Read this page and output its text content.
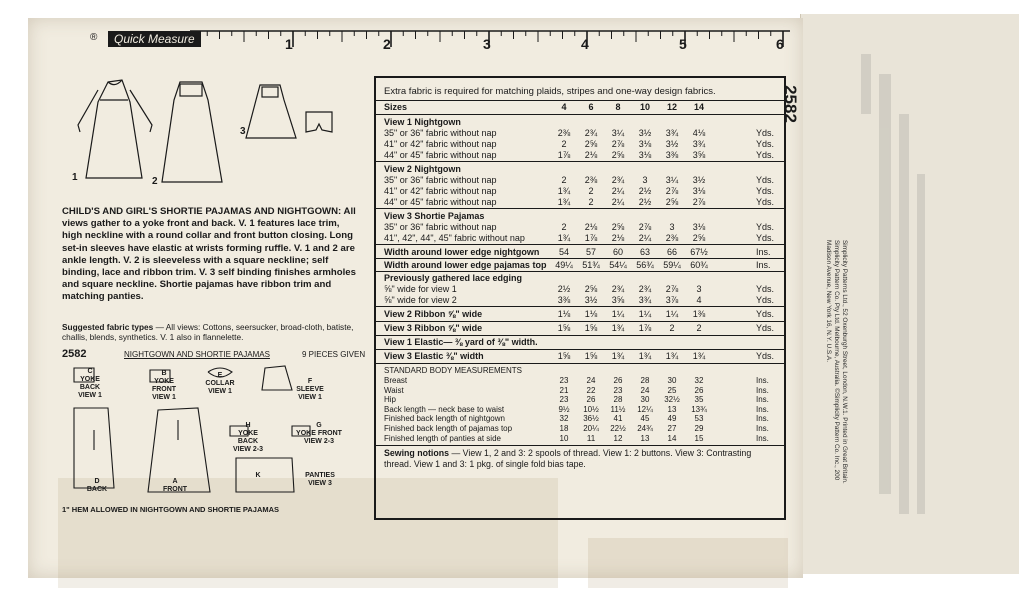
®	Quick Measure	1	2	3	4	5	6
1	2
3
CHILD'S AND GIRL'S SHORTIE PAJAMAS AND NIGHTGOWN: All views gather to a yoke front and back. V. 1 features lace trim, high neckline with a round collar and front button closing. Long set-in sleeves have elastic at wrists forming ruffle. V. 1 and 2 are ankle length. V. 2 is sleeveless with a square neckline; self binding, lace and ribbon trim. V. 3 self binding finishes armholes and square neckline. Shortie pajamas have ribbon trim and matching panties.
Suggested fabric types — All views: Cottons, seersucker, broad-cloth, batiste, challis, blends, synthetics. V. 1 also in flannelette.
2582	NIGHTGOWN AND SHORTIE PAJAMAS	9 PIECES GIVEN
C
YOKE BACK
VIEW 1
B
YOKE FRONT
VIEW 1
E
COLLAR
VIEW 1
F
SLEEVE
VIEW 1
H
YOKE BACK
VIEW 2-3
G
YOKE FRONT
VIEW 2-3
D
BACK
A
FRONT
K	PANTIES
VIEW 3
1" HEM ALLOWED IN NIGHTGOWN AND SHORTIE PAJAMAS
2582
Extra fabric is required for matching plaids, stripes and one-way design fabrics.
Sizes	4	6	8	10	12	14
View 1 Nightgown
35" or 36" fabric without nap	2⅜	2¾	3¼	3½	3¾	4⅛	Yds.
41" or 42" fabric without nap	2	2⅝	2⅞	3⅛	3½	3¾	Yds.
44" or 45" fabric without nap	1⅞	2⅛	2⅝	3⅛	3⅜	3⅝	Yds.
View 2 Nightgown
35" or 36" fabric without nap	2	2⅜	2¾	3	3¼	3½	Yds.
41" or 42" fabric without nap	1¾	2	2¼	2½	2⅞	3⅛	Yds.
44" or 45" fabric without nap	1¾	2	2¼	2½	2⅝	2⅞	Yds.
View 3 Shortie Pajamas
35" or 36" fabric without nap	2	2⅛	2⅝	2⅞	3	3⅛	Yds.
41", 42", 44", 45" fabric without nap	1¾	1⅞	2⅛	2¼	2⅜	2⅝	Yds.
Width around lower edge nightgown	54	57	60	63	66	67½	Ins.
Width around lower edge pajamas top 49¼	51¾	54¼	56¾	59¼	60¾	Ins.
Previously gathered lace edging
⅝" wide for view 1	2½	2⅝	2¾	2¾	2⅞	3	Yds.
⅝" wide for view 2	3⅜	3½	3⅝	3¾	3⅞	4	Yds.
View 2 Ribbon ⅝" wide	1⅛	1⅛	1¼	1¼	1¼	1⅜	Yds.
View 3 Ribbon ⅝" wide	1⅝	1⅝	1¾	1⅞	2	2	Yds.
View 1 Elastic— ⅜ yard of ⅜" width.
View 3 Elastic ⅜" width	1⅝	1⅝	1¾	1¾	1¾	1¾	Yds.
STANDARD BODY MEASUREMENTS
Breast	23	24	26	28	30	32	Ins.
Waist	21	22	23	24	25	26	Ins.
Hip	23	26	28	30	32½	35	Ins.
Back length — neck base to waist	9½	10½	11½	12¼	13	13¾	Ins.
Finished back length of nightgown	32	36½	41	45	49	53	Ins.
Finished back length of pajamas top	18	20¼	22½	24¾	27	29	Ins.
Finished length of panties at side	10	11	12	13	14	15	Ins.
Sewing notions — View 1, 2 and 3: 2 spools of thread. View 1: 2 buttons. View 3: Contrasting thread. View 1 and 3: 1 pkg. of single fold bias tape.	Simplicity Patterns Ltd., 52 Oxenburgh Street, London, N.W.1. Printed in Great Britain. Simplicity Pattern Co. Pty Ltd. Melbourne, Australia. ©Simplicity Pattern Co. Inc., 200 Madison Avenue, New York 16, N.Y. U.S.A.
